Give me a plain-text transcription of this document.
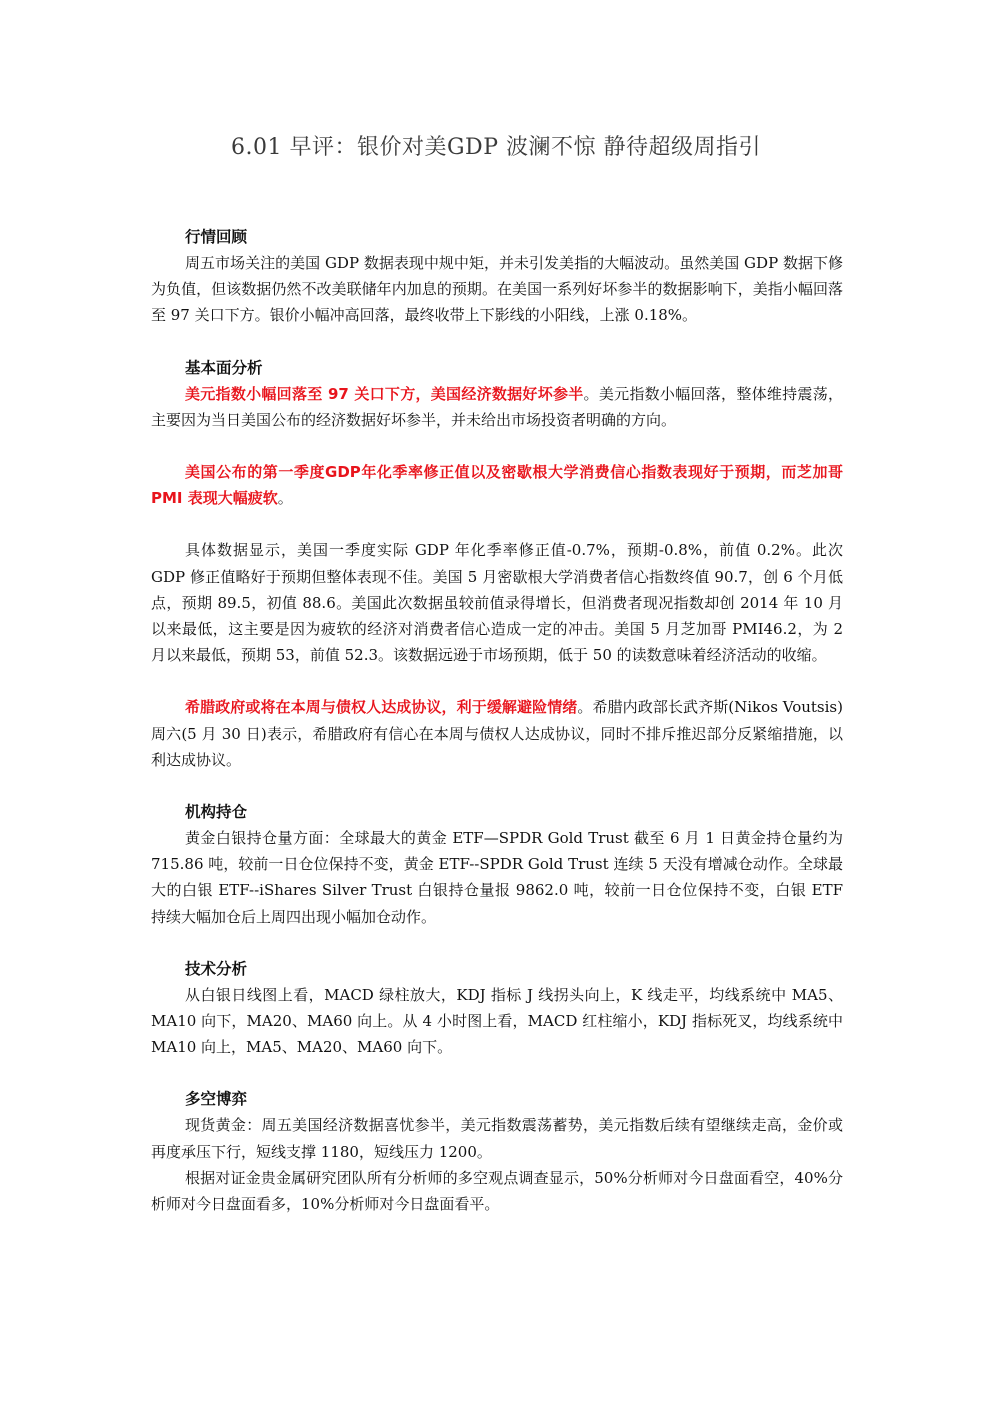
6.01 早评：银价对美GDP 波澜不惊 静待超级周指引
行情回顾

周五市场关注的美国 GDP 数据表现中规中矩，并未引发美指的大幅波动。虽然美国 GDP 数据下修为负值，但该数据仍然不改美联储年内加息的预期。在美国一系列好坏参半的数据影响下，美指小幅回落至 97 关口下方。银价小幅冲高回落，最终收带上下影线的小阳线，上涨 0.18%。

基本面分析

美元指数小幅回落至 97 关口下方，美国经济数据好坏参半。美元指数小幅回落，整体维持震荡，主要因为当日美国公布的经济数据好坏参半，并未给出市场投资者明确的方向。

美国公布的第一季度GDP年化季率修正值以及密歇根大学消费信心指数表现好于预期，而芝加哥 PMI 表现大幅疲软。

具体数据显示，美国一季度实际 GDP 年化季率修正值-0.7%，预期-0.8%，前值 0.2%。此次 GDP 修正值略好于预期但整体表现不佳。美国 5 月密歇根大学消费者信心指数终值 90.7，创 6 个月低点，预期 89.5，初值 88.6。美国此次数据虽较前值录得增长，但消费者现况指数却创 2014 年 10 月以来最低，这主要是因为疲软的经济对消费者信心造成一定的冲击。美国 5 月芝加哥 PMI46.2，为 2 月以来最低，预期 53，前值 52.3。该数据远逊于市场预期，低于 50 的读数意味着经济活动的收缩。

希腊政府或将在本周与债权人达成协议，利于缓解避险情绪。希腊内政部长武齐斯(Nikos Voutsis)周六(5 月 30 日)表示，希腊政府有信心在本周与债权人达成协议，同时不排斥推迟部分反紧缩措施，以利达成协议。

机构持仓

黄金白银持仓量方面：全球最大的黄金 ETF—SPDR Gold Trust 截至 6 月 1 日黄金持仓量约为 715.86 吨，较前一日仓位保持不变，黄金 ETF--SPDR Gold Trust 连续 5 天没有增减仓动作。全球最大的白银 ETF--iShares Silver Trust 白银持仓量报 9862.0 吨，较前一日仓位保持不变，白银 ETF 持续大幅加仓后上周四出现小幅加仓动作。

技术分析

从白银日线图上看，MACD 绿柱放大，KDJ 指标 J 线拐头向上，K 线走平，均线系统中 MA5、MA10 向下，MA20、MA60 向上。从 4 小时图上看，MACD 红柱缩小，KDJ 指标死叉，均线系统中 MA10 向上，MA5、MA20、MA60 向下。

多空博弈

现货黄金：周五美国经济数据喜忧参半，美元指数震荡蓄势，美元指数后续有望继续走高，金价或再度承压下行，短线支撑 1180，短线压力 1200。

根据对证金贵金属研究团队所有分析师的多空观点调查显示，50%分析师对今日盘面看空，40%分析师对今日盘面看多，10%分析师对今日盘面看平。
